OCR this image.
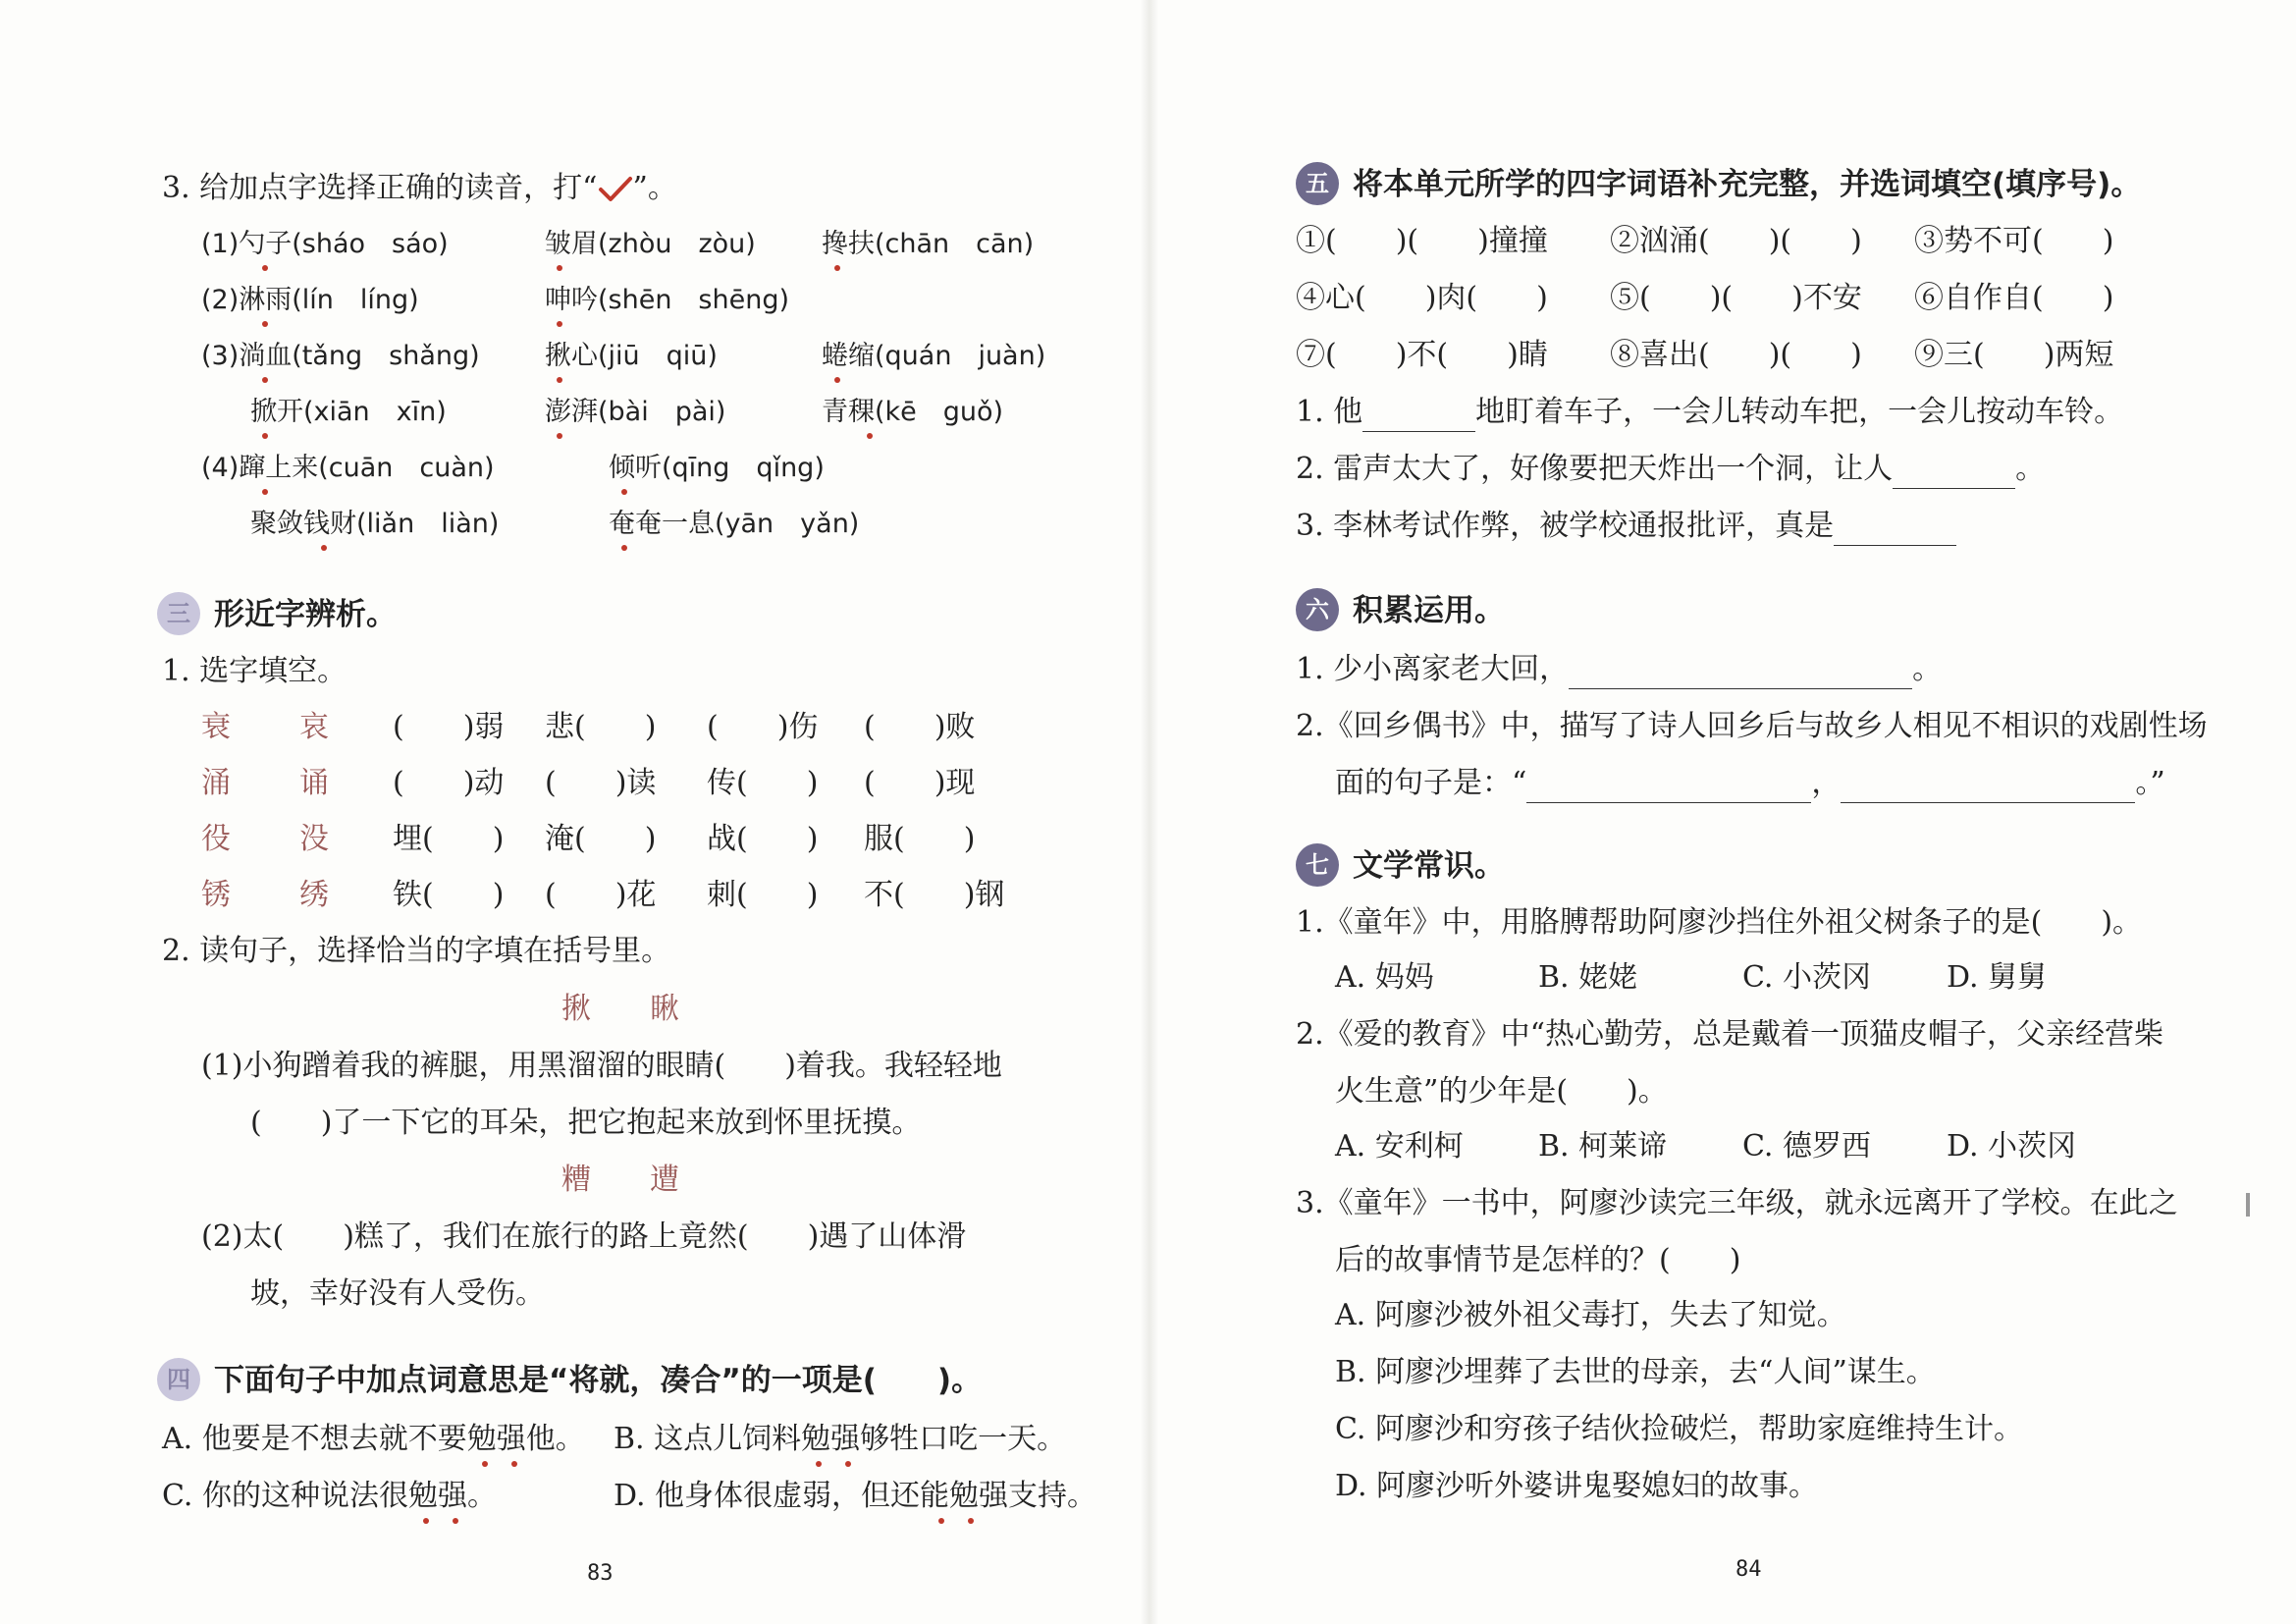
3. 给加点字选择正确的读音，打“ ”。
(1)勺子(sháo　sáo)	皱眉(zhòu　zòu) 搀扶(chān　cān)
(2)淋雨(lín　líng)	呻吟(shēn　shēng)
(3)淌血(tǎng　shǎng) 揪心(jiū　qiū)	蜷缩(quán　juàn)
掀开(xiān　xīn)	澎湃(bài　pài)	青稞(kē　guǒ)
(4)蹿上来(cuān　cuàn)	倾听(qīng　qǐng)
聚敛钱财(liǎn　liàn)	奄奄一息(yān　yǎn)
三 形近字辨析。
1. 选字填空。
衰 哀 (　　)弱 悲(　　) (　　)伤 (　　)败
涌 诵 (　　)动 (　　)读 传(　　) (　　)现
役 没 埋(　　) 淹(　　) 战(　　) 服(　　)
锈 绣 铁(　　) (　　)花 刺(　　) 不(　　)钢
2. 读句子，选择恰当的字填在括号里。
揪　　瞅
(1)小狗蹭着我的裤腿，用黑溜溜的眼睛(　　)着我。我轻轻地
(　　)了一下它的耳朵，把它抱起来放到怀里抚摸。
糟　　遭
(2)太(　　)糕了，我们在旅行的路上竟然(　　)遇了山体滑
坡，幸好没有人受伤。
四 下面句子中加点词意思是“将就，凑合”的一项是(　　)。
A. 他要是不想去就不要勉强他。 B. 这点儿饲料勉强够牲口吃一天。
C. 你的这种说法很勉强。	D. 他身体很虚弱，但还能勉强支持。
83
五 将本单元所学的四字词语补充完整，并选词填空(填序号)。
①(　　)(　　)撞撞 ②汹涌(　　)(　　) ③势不可(　　)
④心(　　)肉(　　) ⑤(　　)(　　)不安 ⑥自作自(　　)
⑦(　　)不(　　)睛 ⑧喜出(　　)(　　) ⑨三(　　)两短
1. 他	地盯着车子，一会儿转动车把，一会儿按动车铃。
2. 雷声太大了，好像要把天炸出一个洞，让人	。
3. 李林考试作弊，被学校通报批评，真是
六 积累运用。
1. 少小离家老大回，	。
2.《回乡偶书》中，描写了诗人回乡后与故乡人相见不相识的戏剧性场
面的句子是：“	，	。”
七 文学常识。
1.《童年》中，用胳膊帮助阿廖沙挡住外祖父树条子的是(　　)。
A. 妈妈	B. 姥姥	C. 小茨冈	D. 舅舅
2.《爱的教育》中“热心勤劳，总是戴着一顶猫皮帽子，父亲经营柴
火生意”的少年是(　　)。
A. 安利柯	B. 柯莱谛	C. 德罗西	D. 小茨冈
3.《童年》一书中，阿廖沙读完三年级，就永远离开了学校。在此之
后的故事情节是怎样的？(　　)
A. 阿廖沙被外祖父毒打，失去了知觉。
B. 阿廖沙埋葬了去世的母亲，去“人间”谋生。
C. 阿廖沙和穷孩子结伙捡破烂，帮助家庭维持生计。
D. 阿廖沙听外婆讲鬼娶媳妇的故事。
84
